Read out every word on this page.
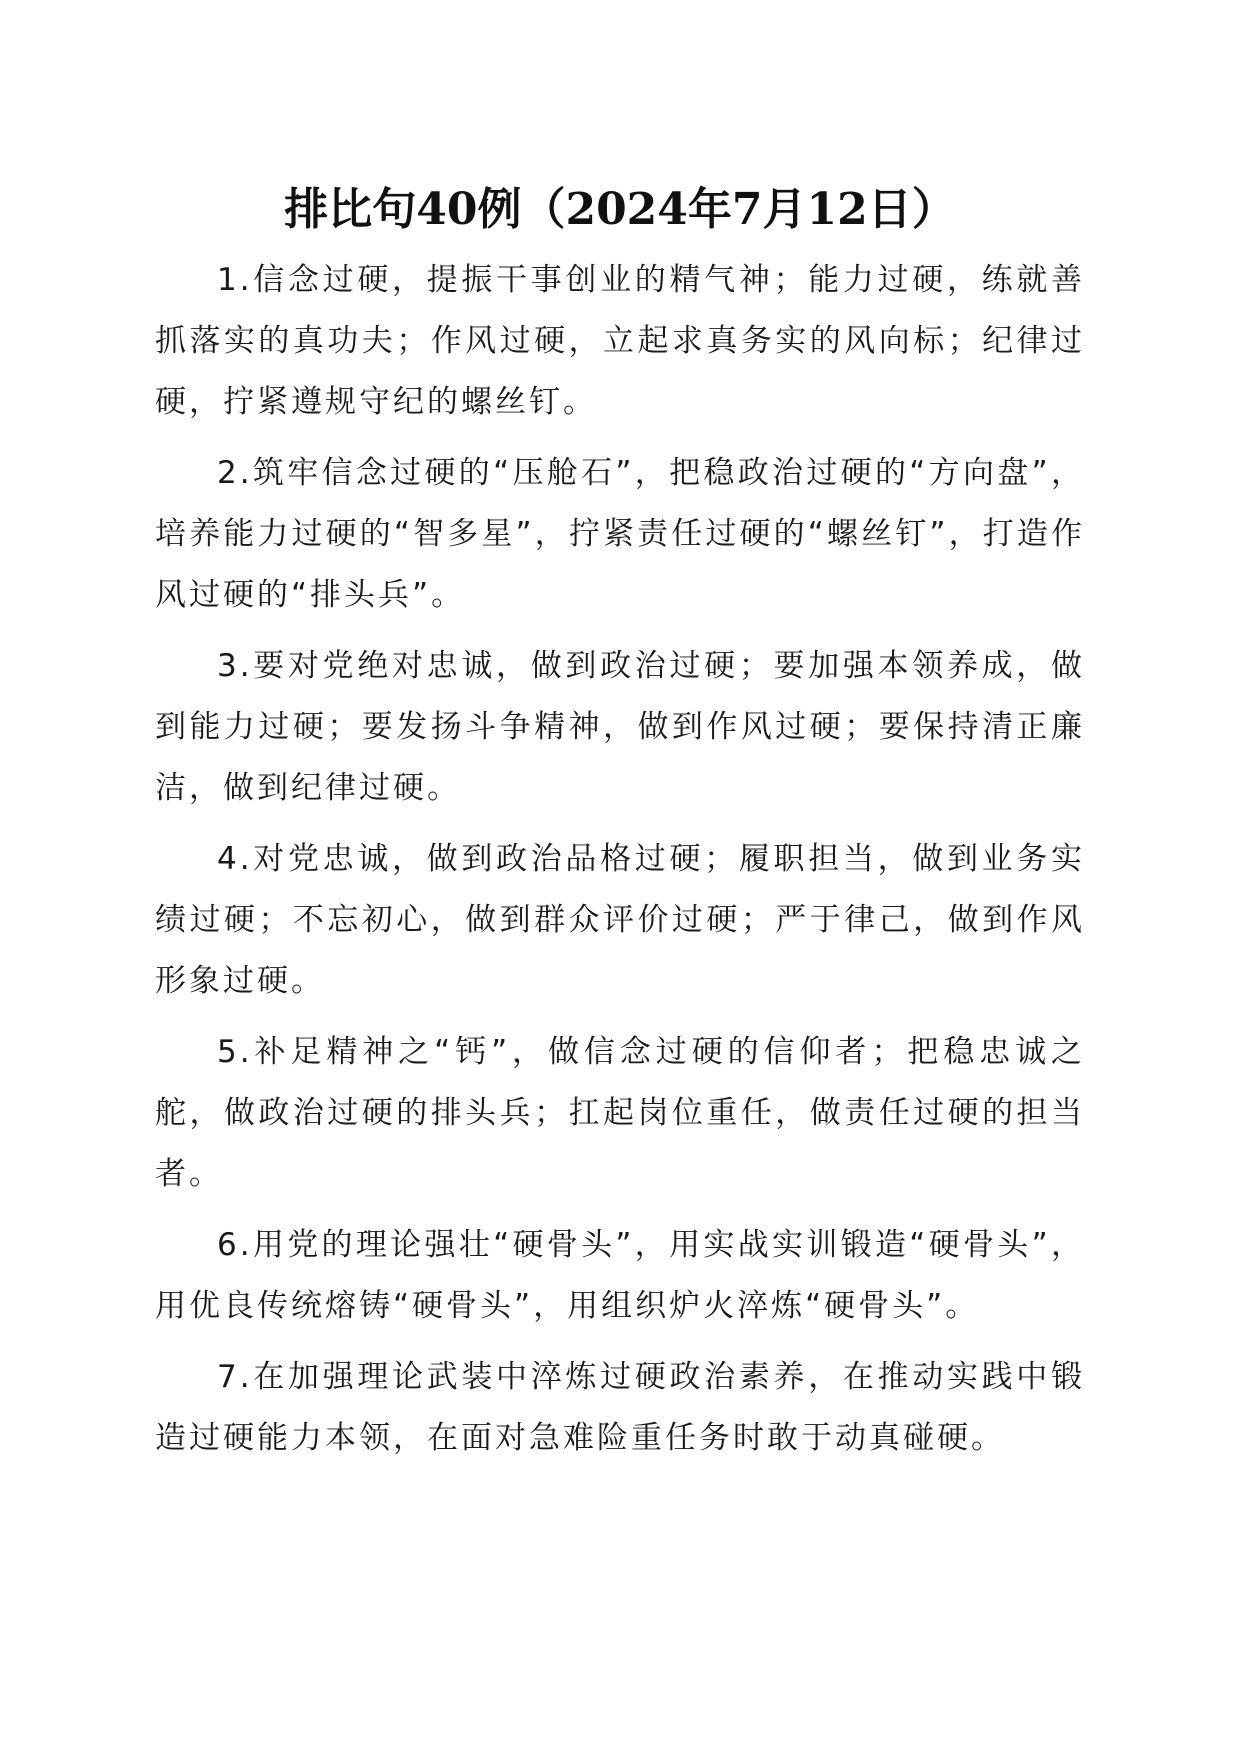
排比句40例（2024年7月12日）

1.信念过硬，提振干事创业的精气神；能力过硬，练就善抓落实的真功夫；作风过硬，立起求真务实的风向标；纪律过硬，拧紧遵规守纪的螺丝钉。

2.筑牢信念过硬的“压舱石”，把稳政治过硬的“方向盘”，培养能力过硬的“智多星”，拧紧责任过硬的“螺丝钉”，打造作风过硬的“排头兵”。

3.要对党绝对忠诚，做到政治过硬；要加强本领养成，做到能力过硬；要发扬斗争精神，做到作风过硬；要保持清正廉洁，做到纪律过硬。

4.对党忠诚，做到政治品格过硬；履职担当，做到业务实绩过硬；不忘初心，做到群众评价过硬；严于律己，做到作风形象过硬。

5.补足精神之“钙”，做信念过硬的信仰者；把稳忠诚之舵，做政治过硬的排头兵；扛起岗位重任，做责任过硬的担当者。

6.用党的理论强壮“硬骨头”，用实战实训锻造“硬骨头”，用优良传统熔铸“硬骨头”，用组织炉火淬炼“硬骨头”。

7.在加强理论武装中淬炼过硬政治素养，在推动实践中锻造过硬能力本领，在面对急难险重任务时敢于动真碰硬。
